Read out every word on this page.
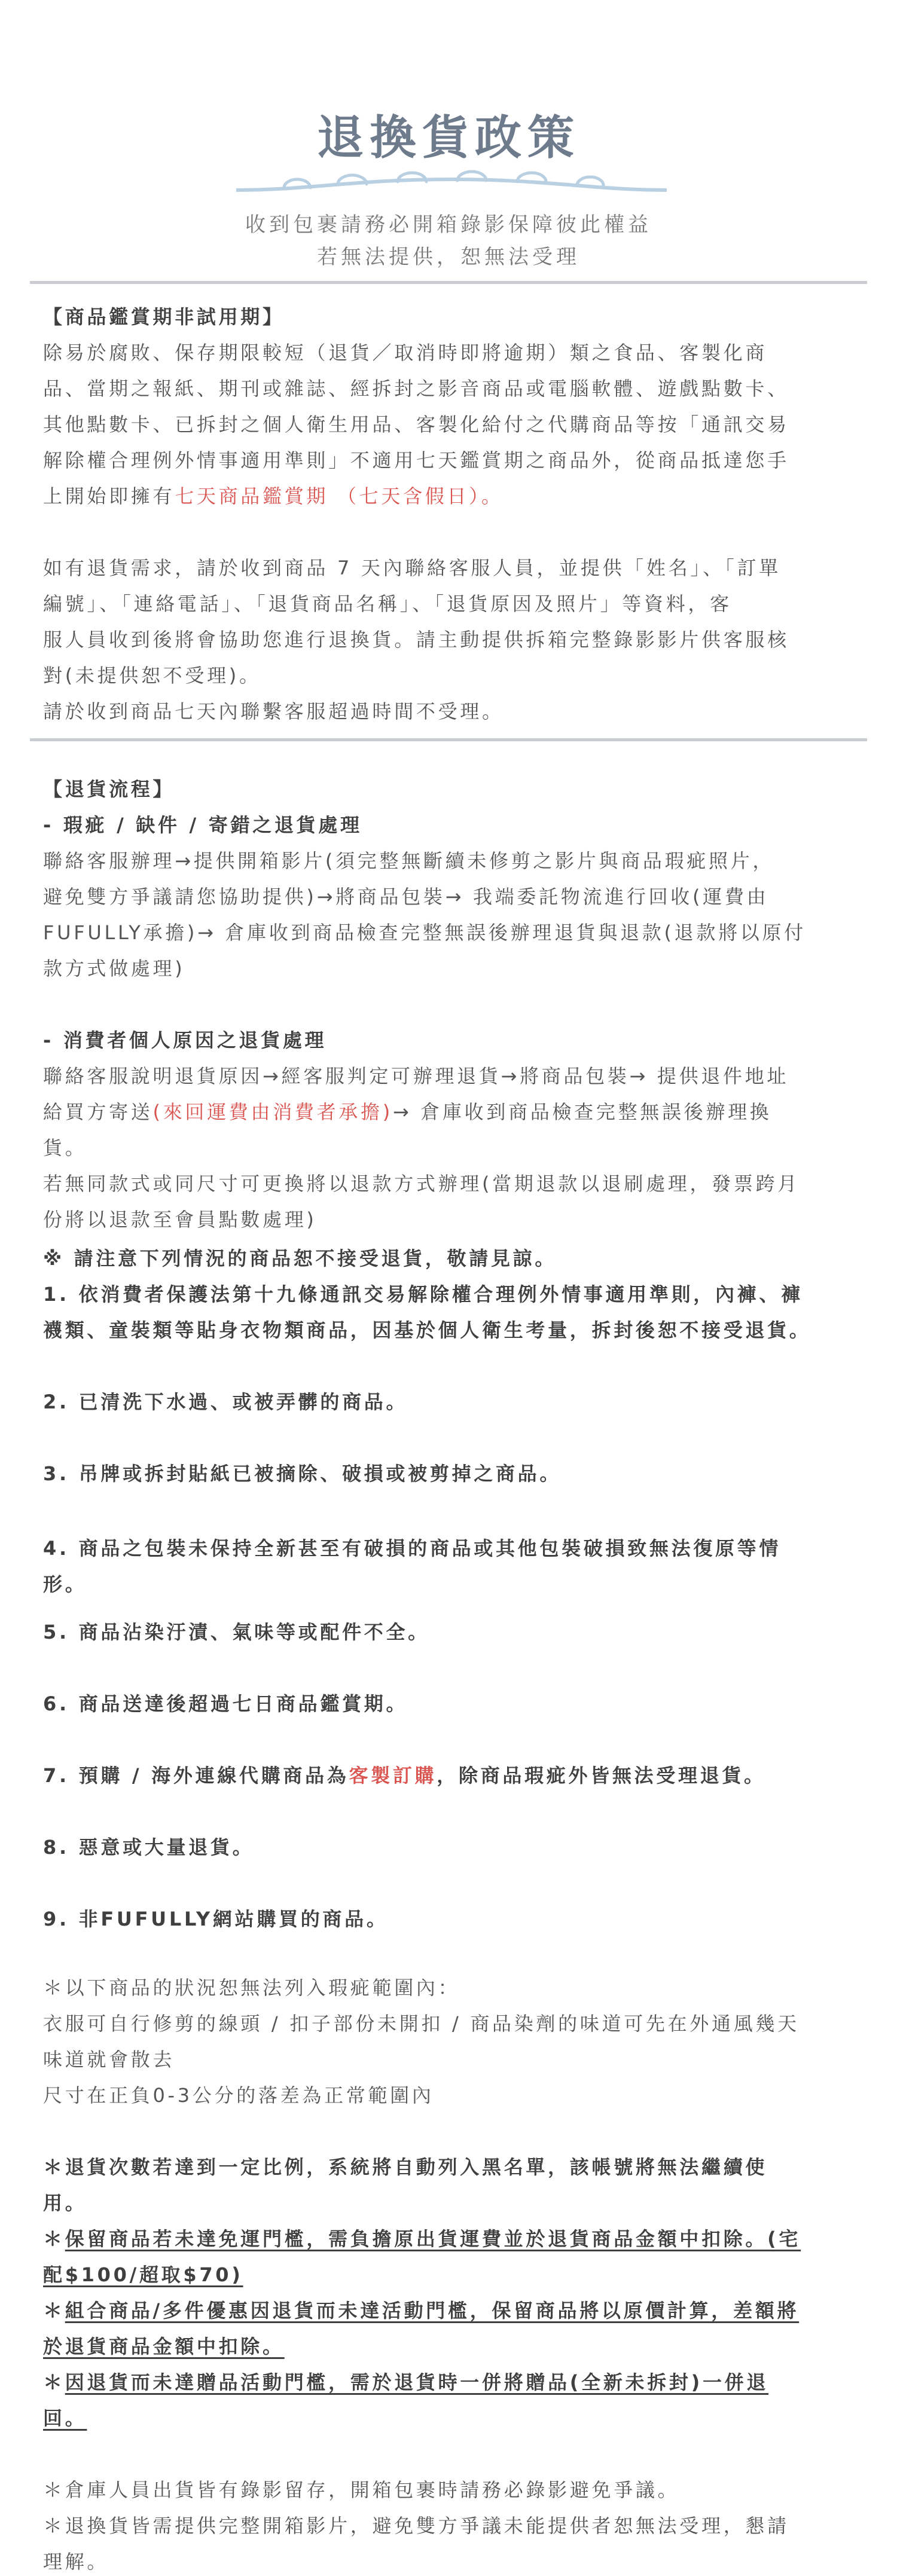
退換貨政策
收到包裹請務必開箱錄影保障彼此權益
若無法提供，恕無法受理
【商品鑑賞期非試用期】
除易於腐敗、保存期限較短（退貨／取消時即將逾期）類之食品、客製化商
品、當期之報紙、期刊或雜誌、經拆封之影音商品或電腦軟體、遊戲點數卡、
其他點數卡、已拆封之個人衛生用品、客製化給付之代購商品等按「通訊交易
解除權合理例外情事適用準則」不適用七天鑑賞期之商品外，從商品抵達您手
上開始即擁有七天商品鑑賞期 （七天含假日）。
如有退貨需求，請於收到商品 7 天內聯絡客服人員，並提供「姓名」、「訂單
編號」、「連絡電話」、「退貨商品名稱」、「退貨原因及照片」等資料，客
服人員收到後將會協助您進行退換貨。請主動提供拆箱完整錄影影片供客服核
對(未提供恕不受理)。
請於收到商品七天內聯繫客服超過時間不受理。
【退貨流程】
- 瑕疵 / 缺件 / 寄錯之退貨處理
聯絡客服辦理→提供開箱影片(須完整無斷續未修剪之影片與商品瑕疵照片，
避免雙方爭議請您協助提供)→將商品包裝→ 我端委託物流進行回收(運費由
FUFULLY承擔)→ 倉庫收到商品檢查完整無誤後辦理退貨與退款(退款將以原付
款方式做處理)
- 消費者個人原因之退貨處理
聯絡客服說明退貨原因→經客服判定可辦理退貨→將商品包裝→ 提供退件地址
給買方寄送(來回運費由消費者承擔)→ 倉庫收到商品檢查完整無誤後辦理換
貨。
若無同款式或同尺寸可更換將以退款方式辦理(當期退款以退刷處理，發票跨月
份將以退款至會員點數處理)
※ 請注意下列情況的商品恕不接受退貨，敬請見諒。
1. 依消費者保護法第十九條通訊交易解除權合理例外情事適用準則，內褲、褲
襪類、童裝類等貼身衣物類商品，因基於個人衛生考量，拆封後恕不接受退貨。
2. 已清洗下水過、或被弄髒的商品。
3. 吊牌或拆封貼紙已被摘除、破損或被剪掉之商品。
4. 商品之包裝未保持全新甚至有破損的商品或其他包裝破損致無法復原等情
形。
5. 商品沾染汙漬、氣味等或配件不全。
6. 商品送達後超過七日商品鑑賞期。
7. 預購 / 海外連線代購商品為客製訂購，除商品瑕疵外皆無法受理退貨。
8. 惡意或大量退貨。
9. 非FUFULLY網站購買的商品。
＊以下商品的狀況恕無法列入瑕疵範圍內：
衣服可自行修剪的線頭 / 扣子部份未開扣 / 商品染劑的味道可先在外通風幾天
味道就會散去
尺寸在正負0-3公分的落差為正常範圍內
＊退貨次數若達到一定比例，系統將自動列入黑名單，該帳號將無法繼續使
用。
＊保留商品若未達免運門檻，需負擔原出貨運費並於退貨商品金額中扣除。(宅
配$100/超取$70)
＊組合商品/多件優惠因退貨而未達活動門檻，保留商品將以原價計算，差額將
於退貨商品金額中扣除。
＊因退貨而未達贈品活動門檻，需於退貨時一併將贈品(全新未拆封)一併退
回。
＊倉庫人員出貨皆有錄影留存，開箱包裹時請務必錄影避免爭議。
＊退換貨皆需提供完整開箱影片，避免雙方爭議未能提供者恕無法受理，懇請
理解。
